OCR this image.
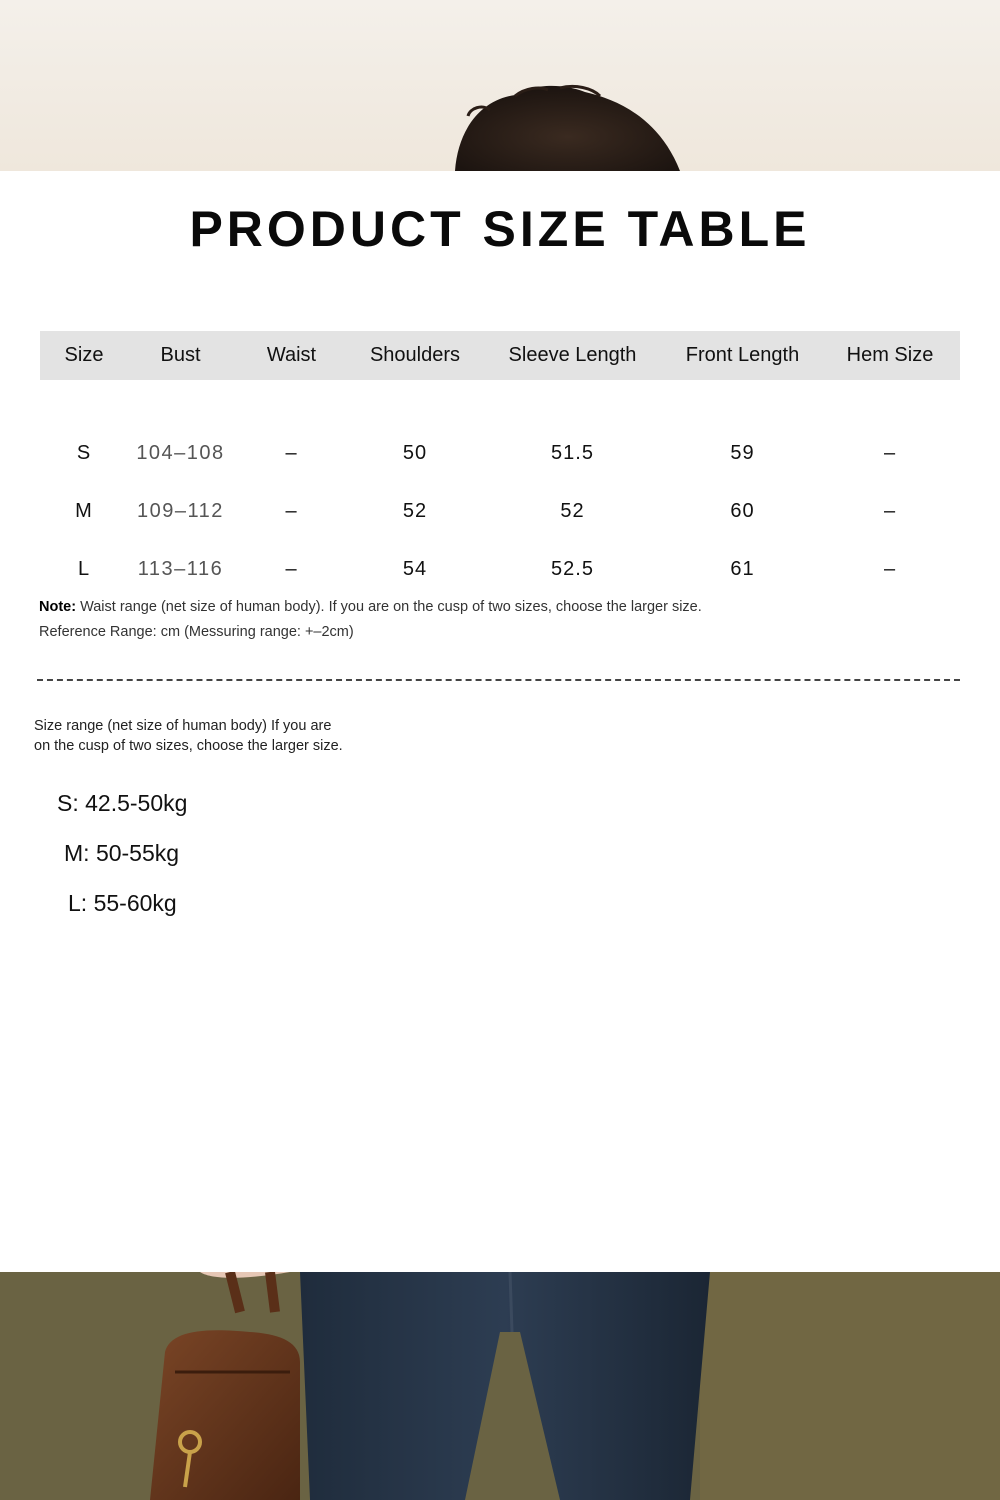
PRODUCT SIZE TABLE
Size	Bust	Waist	Shoulders	Sleeve Length	Front Length	Hem Size
S	104–108	–	50	51.5	59	–
M	109–112	–	52	52	60	–
L	113–116	–	54	52.5	61	–
Note: Waist range (net size of human body). If you are on the cusp of two sizes, choose the larger size.
Reference Range: cm (Messuring range: +–2cm)
Size range (net size of human body) If you are
on the cusp of two sizes, choose the larger size.
S: 42.5-50kg
M: 50-55kg
L: 55-60kg
